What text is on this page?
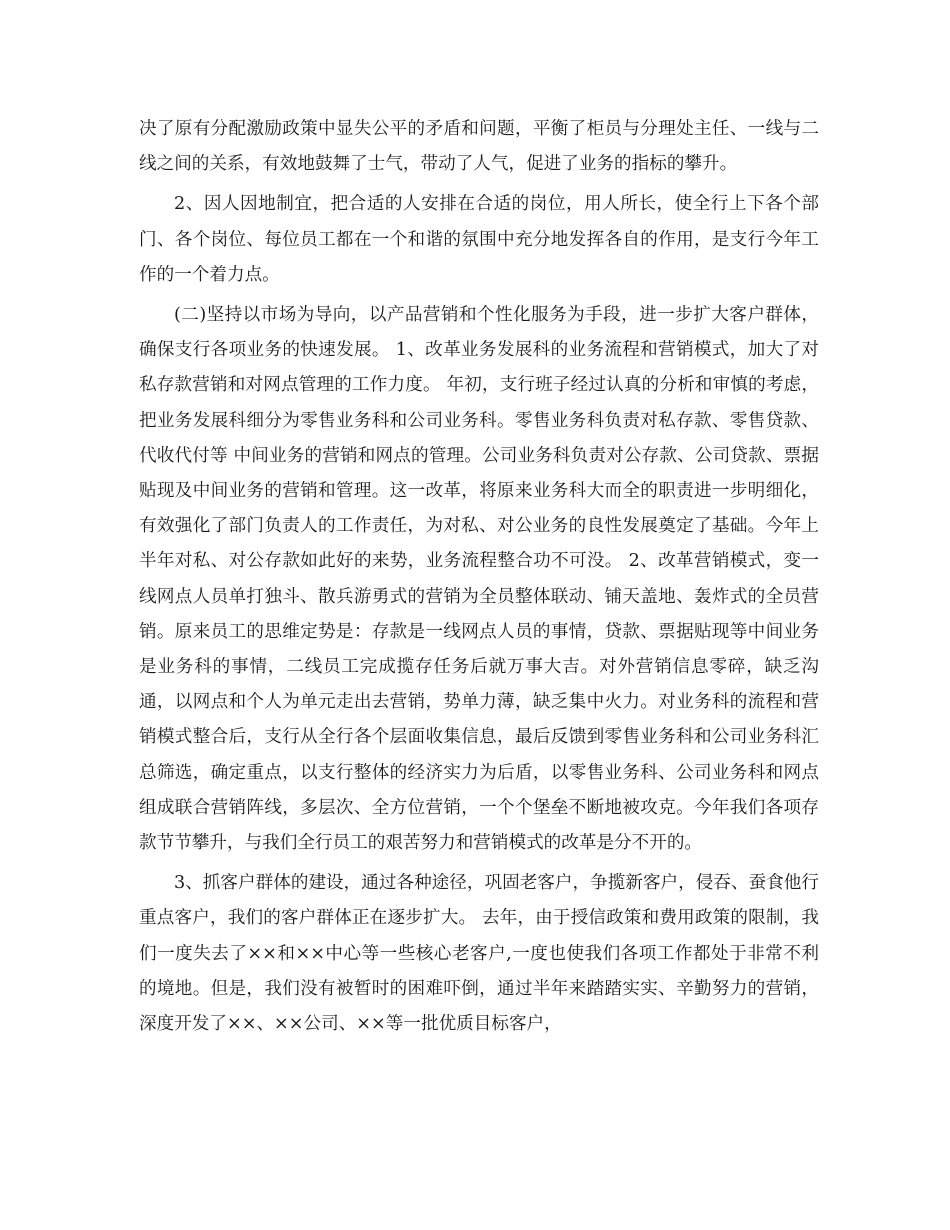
决了原有分配激励政策中显失公平的矛盾和问题，平衡了柜员与分理处主任、一线与二线之间的关系，有效地鼓舞了士气，带动了人气，促进了业务的指标的攀升。

2、因人因地制宜，把合适的人安排在合适的岗位，用人所长，使全行上下各个部门、各个岗位、每位员工都在一个和谐的氛围中充分地发挥各自的作用，是支行今年工作的一个着力点。

(二)坚持以市场为导向，以产品营销和个性化服务为手段，进一步扩大客户群体，确保支行各项业务的快速发展。 1、改革业务发展科的业务流程和营销模式，加大了对私存款营销和对网点管理的工作力度。 年初，支行班子经过认真的分析和审慎的考虑，把业务发展科细分为零售业务科和公司业务科。零售业务科负责对私存款、零售贷款、代收代付等 中间业务的营销和网点的管理。公司业务科负责对公存款、公司贷款、票据贴现及中间业务的营销和管理。这一改革，将原来业务科大而全的职责进一步明细化，有效强化了部门负责人的工作责任，为对私、对公业务的良性发展奠定了基础。今年上半年对私、对公存款如此好的来势，业务流程整合功不可没。 2、改革营销模式，变一线网点人员单打独斗、散兵游勇式的营销为全员整体联动、铺天盖地、轰炸式的全员营销。原来员工的思维定势是：存款是一线网点人员的事情，贷款、票据贴现等中间业务是业务科的事情，二线员工完成揽存任务后就万事大吉。对外营销信息零碎，缺乏沟通，以网点和个人为单元走出去营销，势单力薄，缺乏集中火力。对业务科的流程和营销模式整合后，支行从全行各个层面收集信息，最后反馈到零售业务科和公司业务科汇总筛选，确定重点，以支行整体的经济实力为后盾，以零售业务科、公司业务科和网点组成联合营销阵线，多层次、全方位营销，一个个堡垒不断地被攻克。今年我们各项存款节节攀升，与我们全行员工的艰苦努力和营销模式的改革是分不开的。

3、抓客户群体的建设，通过各种途径，巩固老客户，争揽新客户，侵吞、蚕食他行重点客户，我们的客户群体正在逐步扩大。 去年，由于授信政策和费用政策的限制，我们一度失去了××和××中心等一些核心老客户,一度也使我们各项工作都处于非常不利的境地。但是，我们没有被暂时的困难吓倒，通过半年来踏踏实实、辛勤努力的营销，深度开发了××、××公司、××等一批优质目标客户，
